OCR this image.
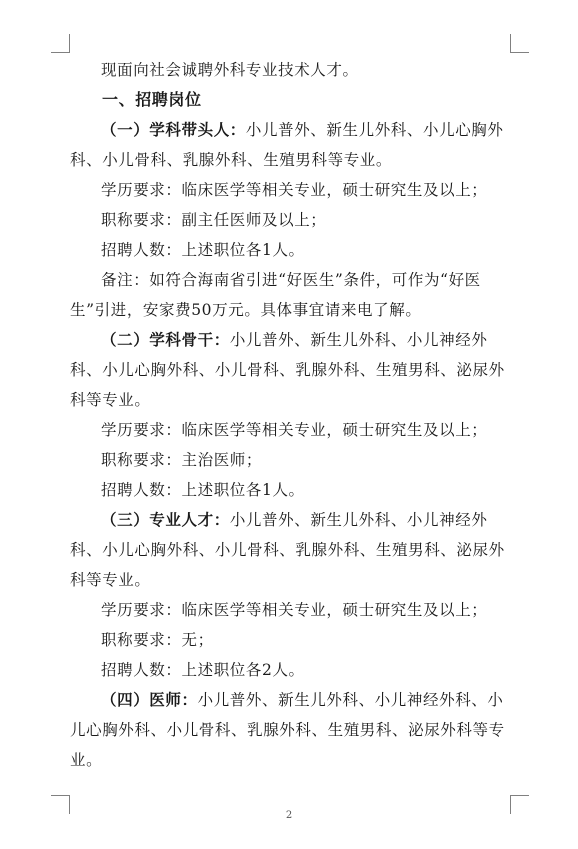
现面向社会诚聘外科专业技术人才。

一、招聘岗位

（一）学科带头人：小儿普外、新生儿外科、小儿心胸外科、小儿骨科、乳腺外科、生殖男科等专业。

学历要求：临床医学等相关专业，硕士研究生及以上；

职称要求：副主任医师及以上；

招聘人数：上述职位各1人。

备注：如符合海南省引进“好医生”条件，可作为“好医生”引进，安家费50万元。具体事宜请来电了解。

（二）学科骨干：小儿普外、新生儿外科、小儿神经外科、小儿心胸外科、小儿骨科、乳腺外科、生殖男科、泌尿外科等专业。

学历要求：临床医学等相关专业，硕士研究生及以上；

职称要求：主治医师；

招聘人数：上述职位各1人。

（三）专业人才：小儿普外、新生儿外科、小儿神经外科、小儿心胸外科、小儿骨科、乳腺外科、生殖男科、泌尿外科等专业。

学历要求：临床医学等相关专业，硕士研究生及以上；

职称要求：无；

招聘人数：上述职位各2人。

（四）医师：小儿普外、新生儿外科、小儿神经外科、小儿心胸外科、小儿骨科、乳腺外科、生殖男科、泌尿外科等专业。

2
